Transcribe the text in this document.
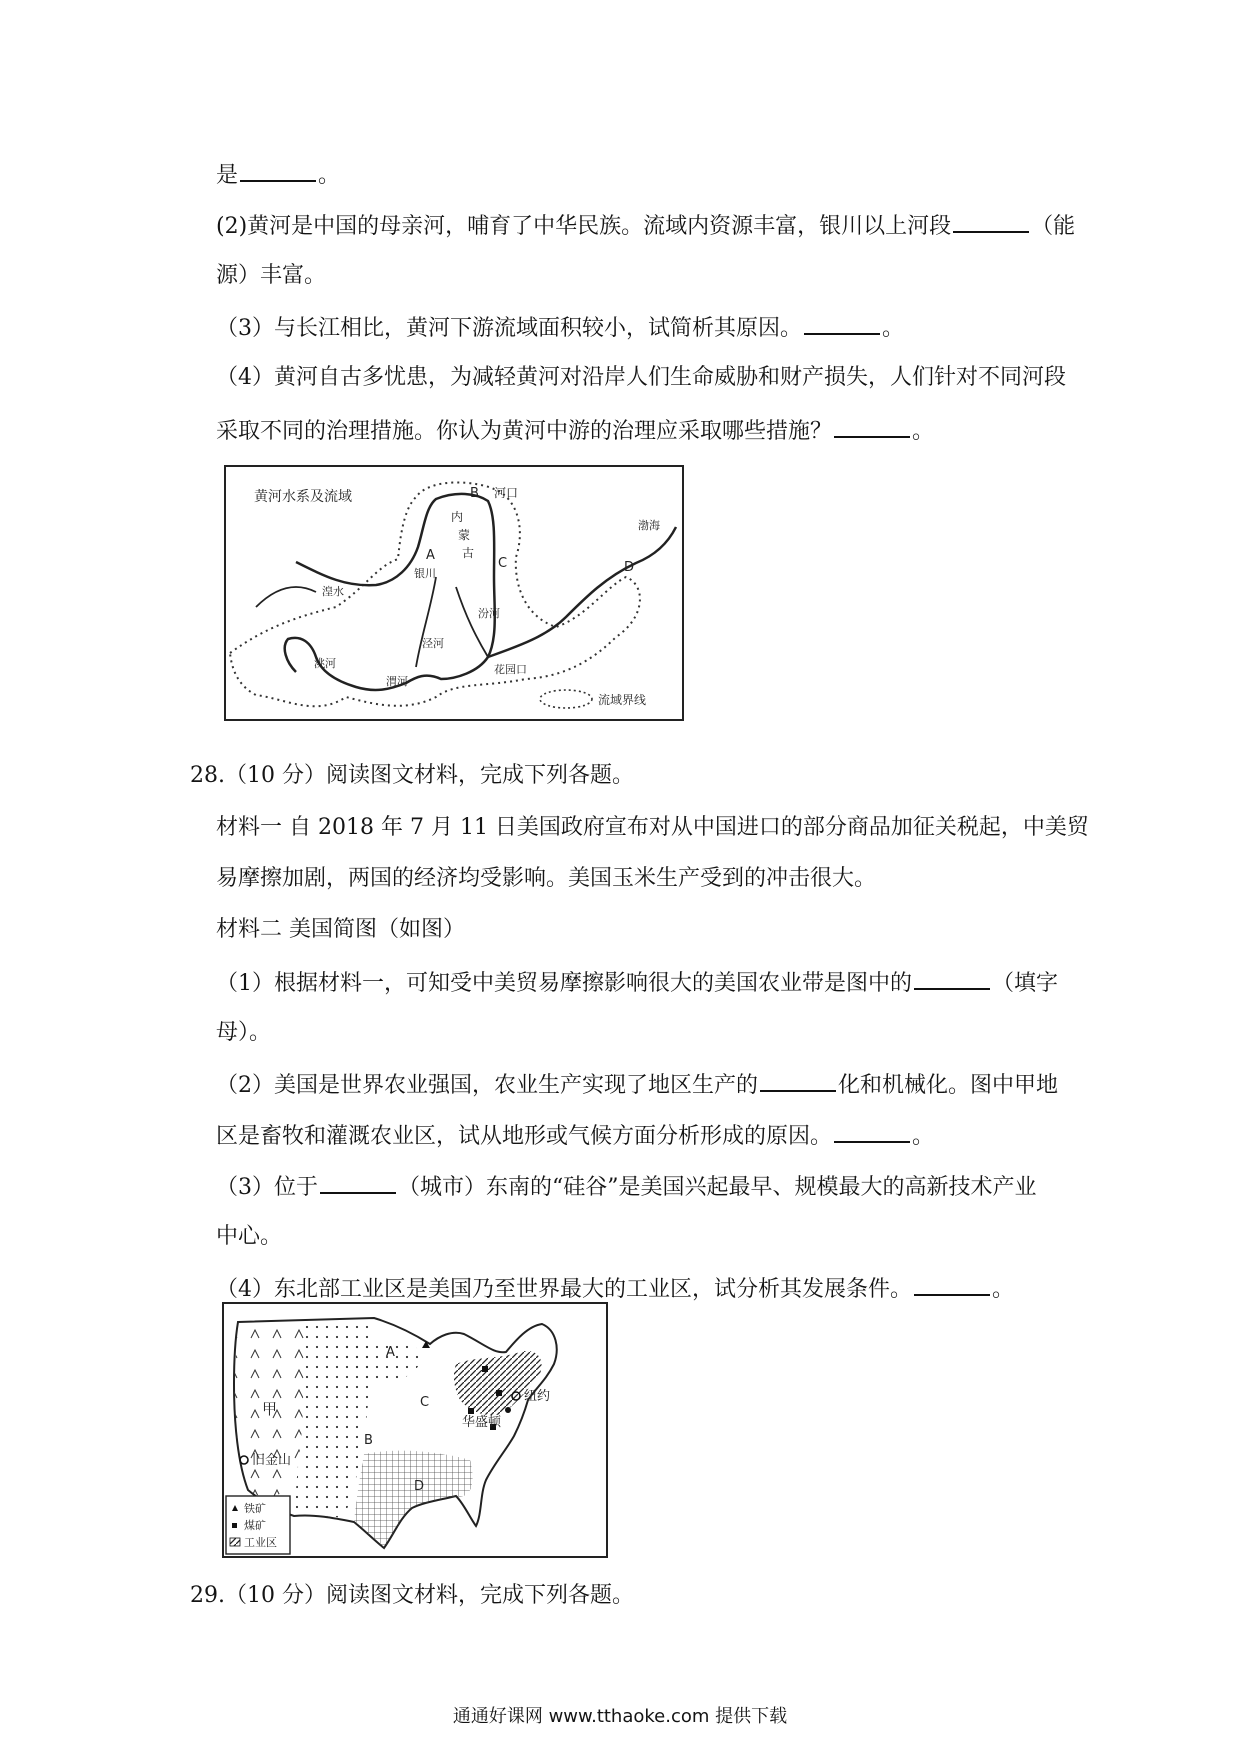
是	。
(2)黄河是中国的母亲河，哺育了中华民族。流域内资源丰富，银川以上河段	（能
源）丰富。
（3）与长江相比，黄河下游流域面积较小，试简析其原因。	。
（4）黄河自古多忧患，为减轻黄河对沿岸人们生命威胁和财产损失，人们针对不同河段
采取不同的治理措施。你认为黄河中游的治理应采取哪些措施？	。
黄河水系及流域
A
B
C	D
河口
内
蒙
古
银川
渤海
洮河
湟水
泾河
渭河
汾河
花园口
流域界线
28.（10 分）阅读图文材料，完成下列各题。
材料一 自 2018 年 7 月 11 日美国政府宣布对从中国进口的部分商品加征关税起，中美贸
易摩擦加剧，两国的经济均受影响。美国玉米生产受到的冲击很大。
材料二 美国简图（如图）
（1）根据材料一，可知受中美贸易摩擦影响很大的美国农业带是图中的	（填字
母）。
（2）美国是世界农业强国，农业生产实现了地区生产的	化和机械化。图中甲地
区是畜牧和灌溉农业区，试从地形或气候方面分析形成的原因。	。
（3）位于	（城市）东南的“硅谷”是美国兴起最早、规模最大的高新技术产业
中心。
（4）东北部工业区是美国乃至世界最大的工业区，试分析其发展条件。	。
A
B
C
D
甲
旧金山
纽约
华盛顿
铁矿
煤矿
工业区
29.（10 分）阅读图文材料，完成下列各题。
通通好课网 www.tthaoke.com 提供下载
